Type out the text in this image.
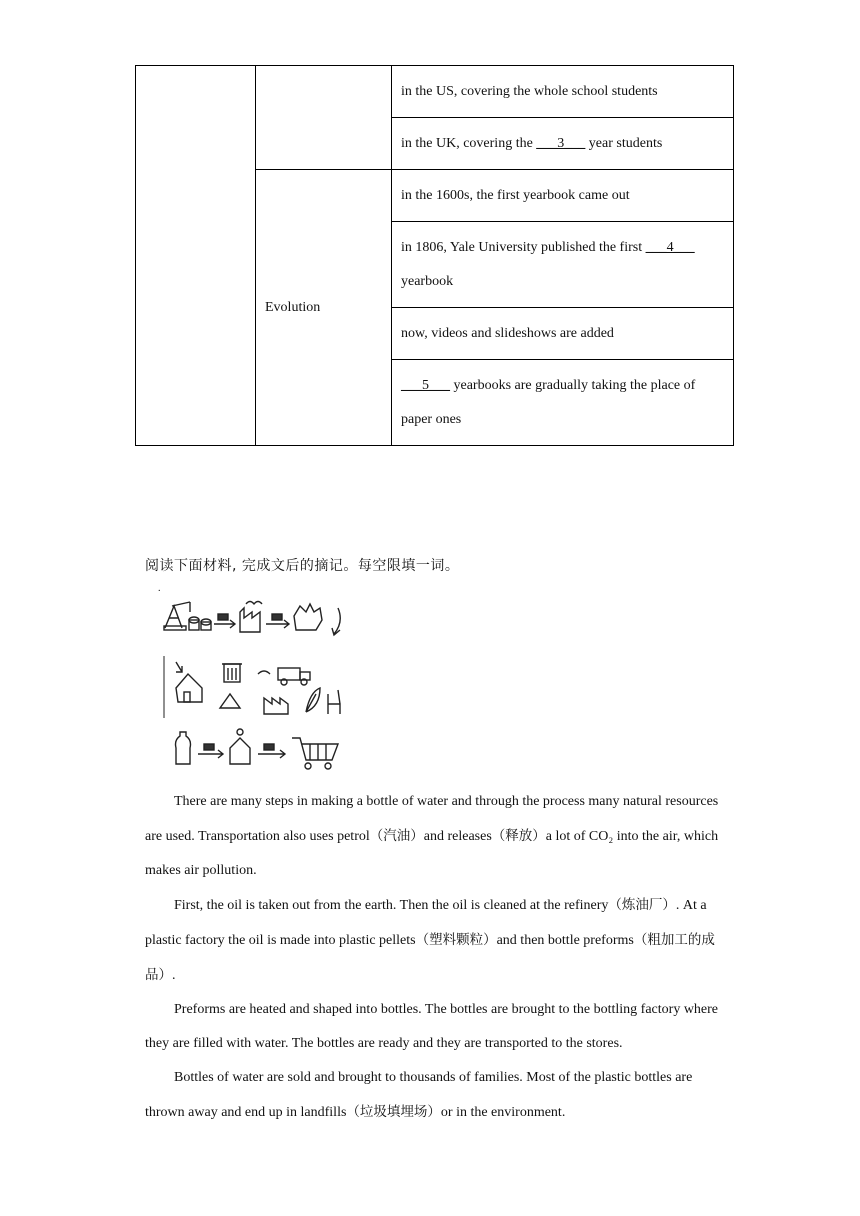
		in the US, covering the whole school students
		in the UK, covering the ___3___ year students
	Evolution	in the 1600s, the first yearbook came out
		in 1806, Yale University published the first ___4___ yearbook
		now, videos and slideshows are added
		___5___ yearbooks are gradually taking the place of paper ones
阅读下面材料, 完成文后的摘记。每空限填一词。
.

There are many steps in making a bottle of water and through the process many natural resources are used. Transportation also uses petrol（汽油）and releases（释放）a lot of CO₂ into the air, which makes air pollution.

First, the oil is taken out from the earth. Then the oil is cleaned at the refinery（炼油厂）. At a plastic factory the oil is made into plastic pellets（塑料颗粒）and then bottle preforms（粗加工的成品）.

Preforms are heated and shaped into bottles. The bottles are brought to the bottling factory where they are filled with water. The bottles are ready and they are transported to the stores.

Bottles of water are sold and brought to thousands of families. Most of the plastic bottles are thrown away and end up in landfills（垃圾填埋场）or in the environment.
